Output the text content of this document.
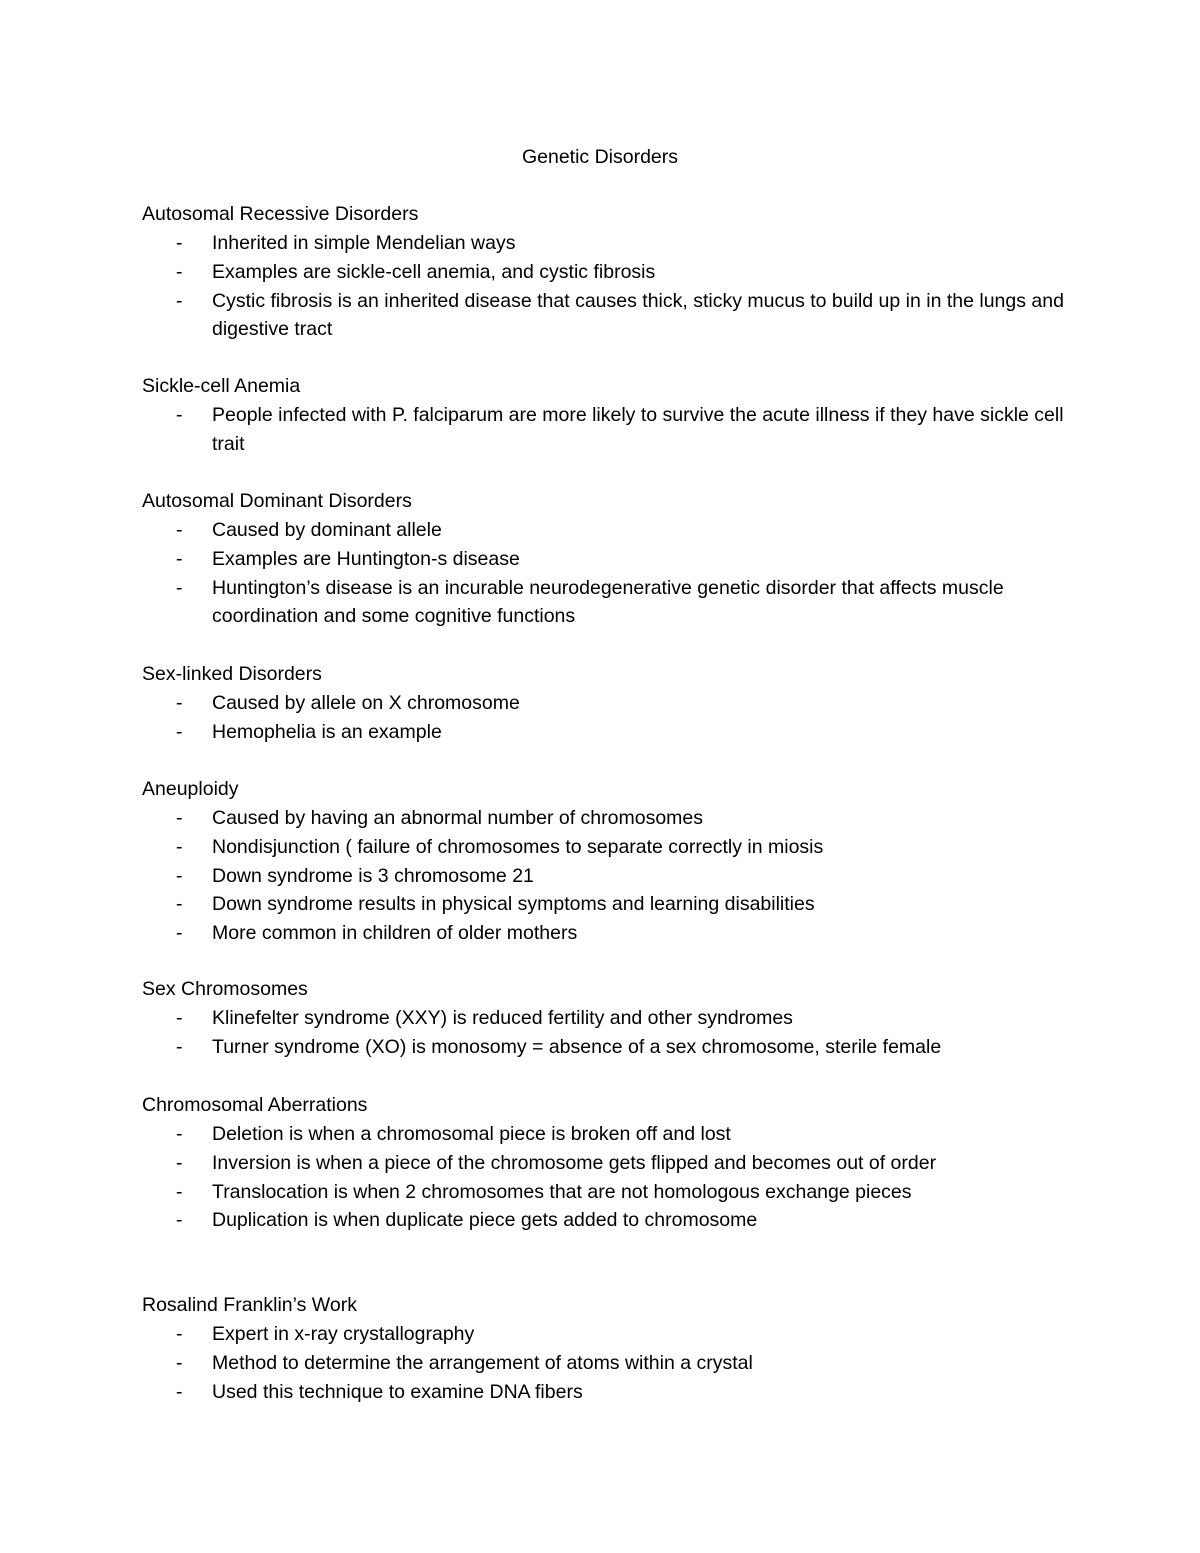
Genetic Disorders
Autosomal Recessive Disorders
- Inherited in simple Mendelian ways
- Examples are sickle-cell anemia, and cystic fibrosis
- Cystic fibrosis is an inherited disease that causes thick, sticky mucus to build up in in the lungs and digestive tract
Sickle-cell Anemia
- People infected with P. falciparum are more likely to survive the acute illness if they have sickle cell trait
Autosomal Dominant Disorders
- Caused by dominant allele
- Examples are Huntington-s disease
- Huntington’s disease is an incurable neurodegenerative genetic disorder that affects muscle coordination and some cognitive functions
Sex-linked Disorders
- Caused by allele on X chromosome
- Hemophelia is an example
Aneuploidy
- Caused by having an abnormal number of chromosomes
- Nondisjunction ( failure of chromosomes to separate correctly in miosis
- Down syndrome is 3 chromosome 21
- Down syndrome results in physical symptoms and learning disabilities
- More common in children of older mothers
Sex Chromosomes
- Klinefelter syndrome (XXY) is reduced fertility and other syndromes
- Turner syndrome (XO) is monosomy = absence of a sex chromosome, sterile female
Chromosomal Aberrations
- Deletion is when a chromosomal piece is broken off and lost
- Inversion is when a piece of the chromosome gets flipped and becomes out of order
- Translocation is when 2 chromosomes that are not homologous exchange pieces
- Duplication is when duplicate piece gets added to chromosome
Rosalind Franklin’s Work
- Expert in x-ray crystallography
- Method to determine the arrangement of atoms within a crystal
- Used this technique to examine DNA fibers
